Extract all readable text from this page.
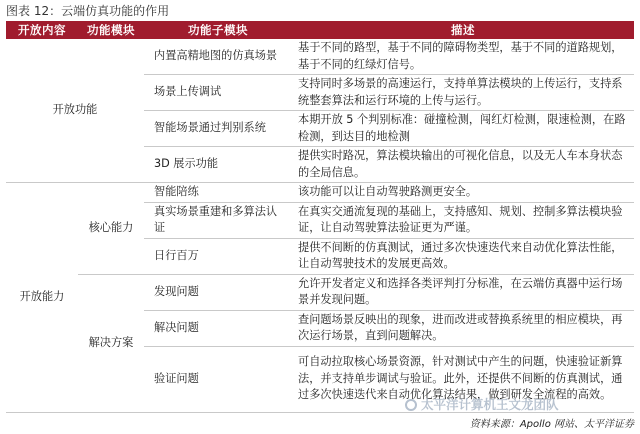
图表 12：云端仿真功能的作用
开放内容	功能模块	功能子模块	描述
开放功能		内置高精地图的仿真场景	基于不同的路型，基于不同的障碍物类型，基于不同的道路规划，基于不同的红绿灯信号。
		场景上传调试	支持同时多场景的高速运行，支持单算法模块的上传运行，支持系统整套算法和运行环境的上传与运行。
		智能场景通过判别系统	本期开放 5 个判别标准：碰撞检测，闯红灯检测，限速检测，在路检测，到达目的地检测
		3D 展示功能	提供实时路况，算法模块输出的可视化信息，以及无人车本身状态的全局信息。
开放能力	核心能力	智能陪练	该功能可以让自动驾驶路测更安全。
		真实场景重建和多算法认证	在真实交通流复现的基础上，支持感知、规划、控制多算法模块验证，让自动驾驶算法验证更为严谨。
		日行百万	提供不间断的仿真测试，通过多次快速迭代来自动优化算法性能，让自动驾驶技术的发展更高效。
	解决方案	发现问题	允许开发者定义和选择各类评判打分标准，在云端仿真器中运行场景并发现问题。
		解决问题	查问题场景反映出的现象，进而改进或替换系统里的相应模块，再次运行场景，直到问题解决。
		验证问题	可自动拉取核心场景资源，针对测试中产生的问题，快速验证新算法，并支持单步调试与验证。此外，还提供不间断的仿真测试，通过多次快速迭代来自动优化算法结果，做到研发全流程的高效。
太平洋计算机王文龙团队
资料来源：Apollo 网站、太平洋证券
